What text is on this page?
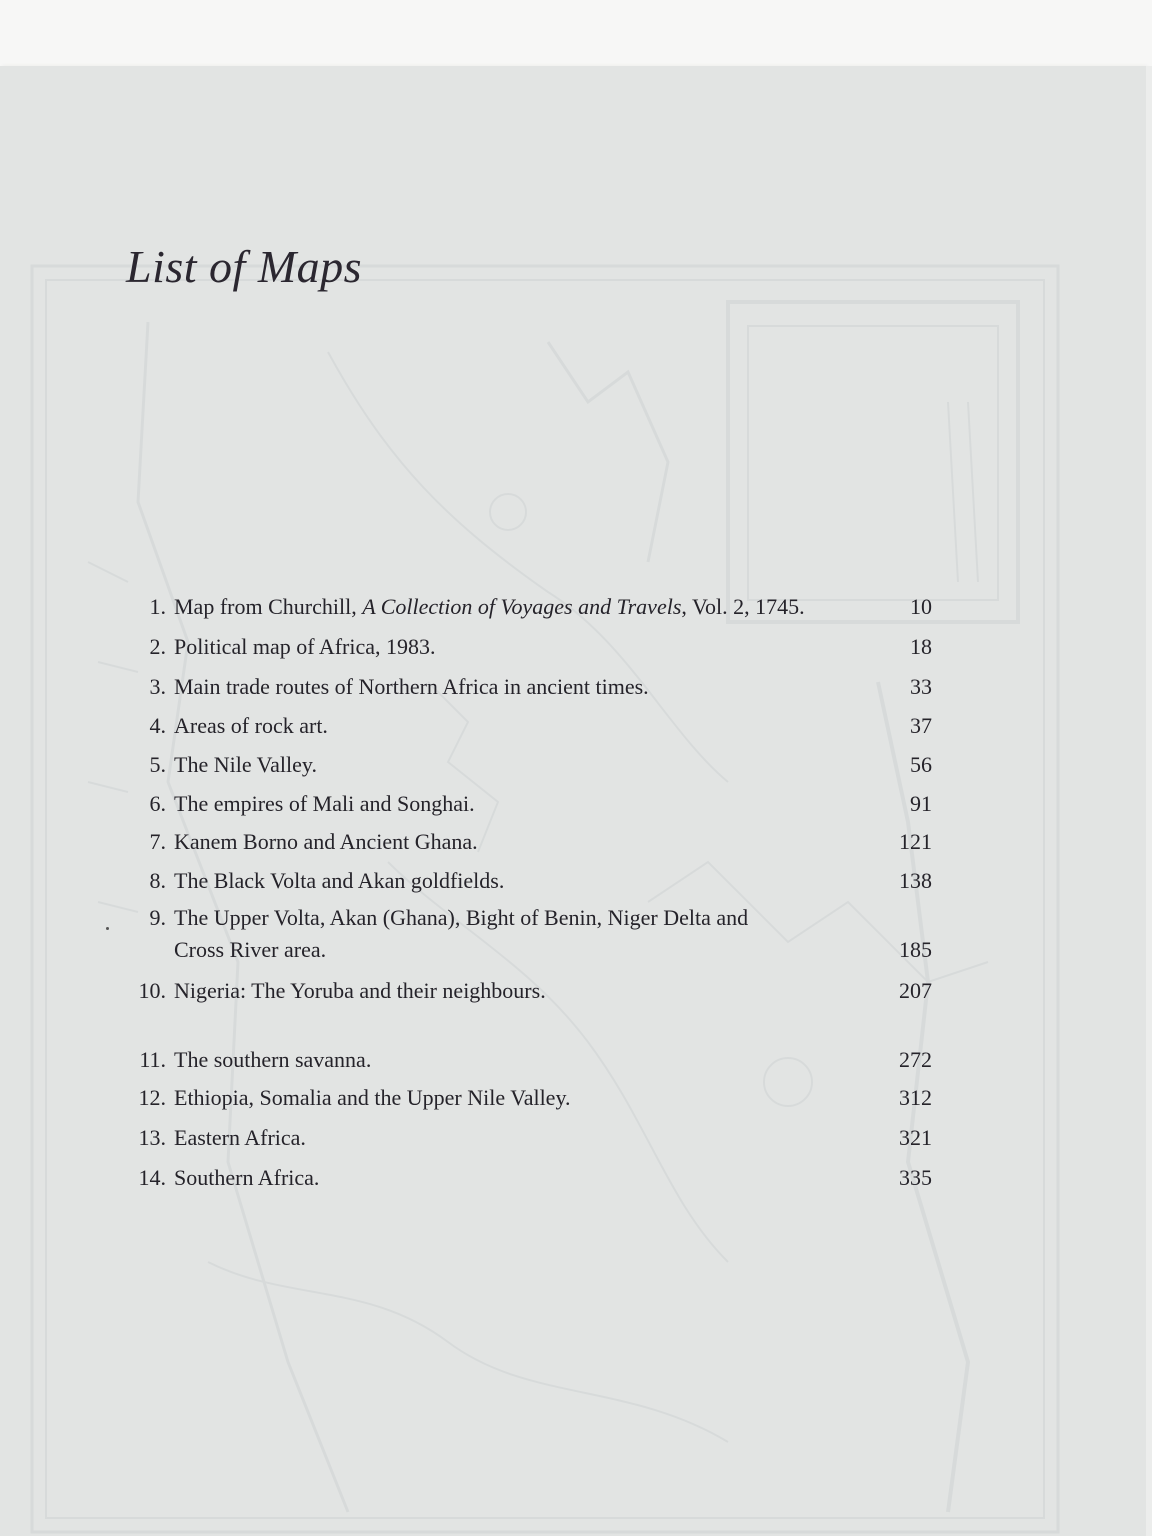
List of Maps
1. Map from Churchill, A Collection of Voyages and Travels, Vol. 2, 1745.	10
2. Political map of Africa, 1983.	18
3. Main trade routes of Northern Africa in ancient times.	33
4. Areas of rock art.	37
5. The Nile Valley.	56
6. The empires of Mali and Songhai.	91
7. Kanem Borno and Ancient Ghana.	121
8. The Black Volta and Akan goldfields.	138
9. The Upper Volta, Akan (Ghana), Bight of Benin, Niger Delta and
Cross River area.	185
10. Nigeria: The Yoruba and their neighbours.	207
11. The southern savanna.	272
12. Ethiopia, Somalia and the Upper Nile Valley.	312
13. Eastern Africa.	321
14. Southern Africa.	335
